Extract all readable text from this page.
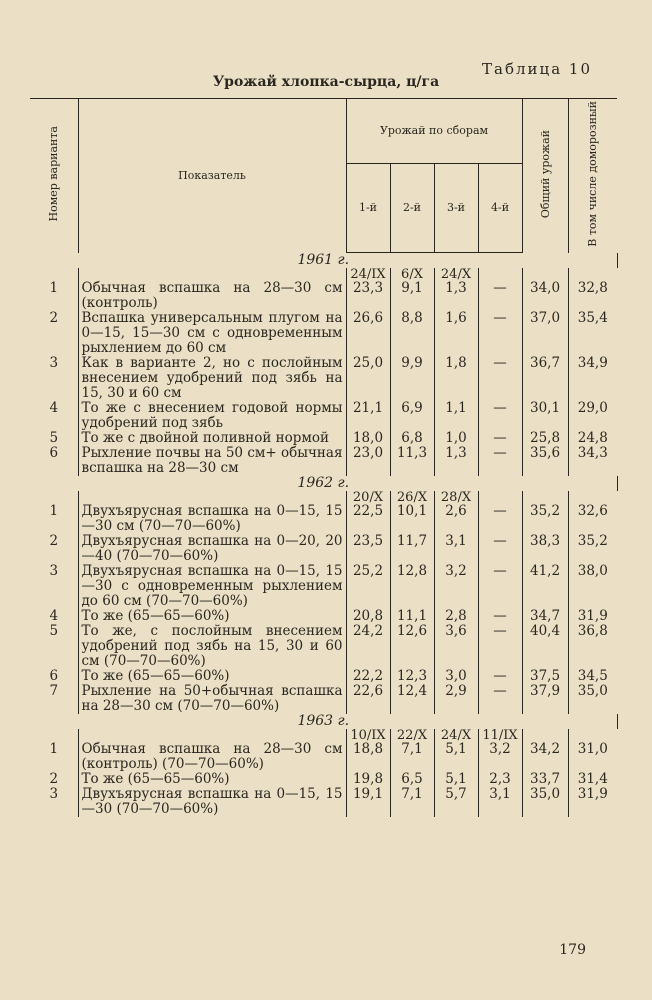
Таблица 10
Урожай хлопка-сырца, ц/га
Номер варианта	Показатель	Урожай по сборам				Общий урожай	В том числе доморозный
		1-й	2-й	3-й	4-й		
1961 г.							
		24/IX	6/X	24/X			
1	Обычная вспашка на 28—30 см (контроль)	23,3	9,1	1,3	—	34,0	32,8
2	Вспашка универсальным плугом на 0—15, 15—30 см с одновременным рыхлением до 60 см	26,6	8,8	1,6	—	37,0	35,4
3	Как в варианте 2, но с послойным внесением удобрений под зябь на 15, 30 и 60 см	25,0	9,9	1,8	—	36,7	34,9
4	То же с внесением годовой нормы удобрений под зябь	21,1	6,9	1,1	—	30,1	29,0
5	То же с двойной поливной нормой	18,0	6,8	1,0	—	25,8	24,8
6	Рыхление почвы на 50 см+ обычная вспашка на 28—30 см	23,0	11,3	1,3	—	35,6	34,3
1962 г.							
		20/X	26/X	28/X			
1	Двухъярусная вспашка на 0—15, 15—30 см (70—70—60%)	22,5	10,1	2,6	—	35,2	32,6
2	Двухъярусная вспашка на 0—20, 20—40 (70—70—60%)	23,5	11,7	3,1	—	38,3	35,2
3	Двухъярусная вспашка на 0—15, 15—30 с одновременным рыхлением до 60 см (70—70—60%)	25,2	12,8	3,2	—	41,2	38,0
4	То же (65—65—60%)	20,8	11,1	2,8	—	34,7	31,9
5	То же, с послойным внесением удобрений под зябь на 15, 30 и 60 см (70—70—60%)	24,2	12,6	3,6	—	40,4	36,8
6	То же (65—65—60%)	22,2	12,3	3,0	—	37,5	34,5
7	Рыхление на 50+обычная вспашка на 28—30 см (70—70—60%)	22,6	12,4	2,9	—	37,9	35,0
1963 г.							
		10/IX	22/X	24/X	11/IX		
1	Обычная вспашка на 28—30 см (контроль) (70—70—60%)	18,8	7,1	5,1	3,2	34,2	31,0
2	То же (65—65—60%)	19,8	6,5	5,1	2,3	33,7	31,4
3	Двухъярусная вспашка на 0—15, 15—30 (70—70—60%)	19,1	7,1	5,7	3,1	35,0	31,9
179
